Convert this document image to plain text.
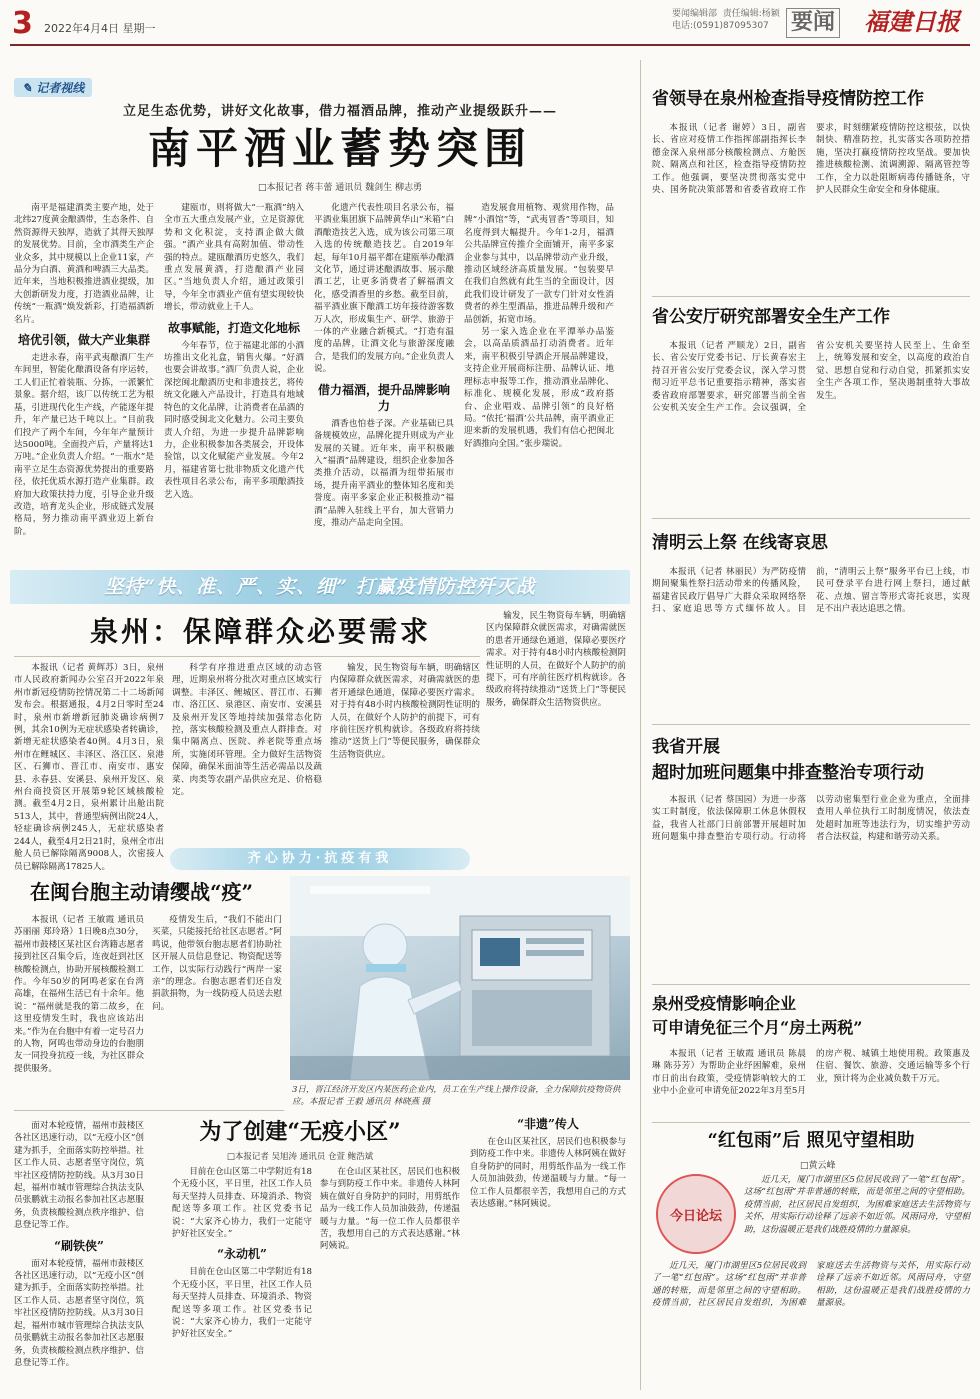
3 2022年4月4日 星期一
要闻编辑部 责任编辑:杨颖
电话:(0591)87095307	要闻 福建日报
✎ 记者视线
立足生态优势，讲好文化故事，借力福酒品牌，推动产业提级跃升——
南平酒业蓄势突围
□本报记者 蒋丰蕾 通讯员 魏剑生 柳志勇

南平是福建酒类主要产地，处于北纬27度黄金酿酒带，生态条件、自然资源得天独厚，造就了其得天独厚的发展优势。目前，全市酒类生产企业众多，其中规模以上企业11家，产品分为白酒、黄酒和啤酒三大品类。近年来，当地积极推进酒业提级，加大创新研发力度，打造酒业品牌，让传统“一瓶酒”焕发新彩，打造福酒新名片。

培优引领，做大产业集群

走进永春，南平武夷酿酒厂生产车间里，智能化酿酒设备有序运转，工人们正忙着装瓶、分拣，一派繁忙景象。据介绍，该厂以传统工艺为根基，引进现代化生产线，产能逐年提升，年产量已达千吨以上。“目前我们投产了两个车间，今年年产量预计达5000吨。全面投产后，产量将达1万吨。”企业负责人介绍。“一瓶水”是南平立足生态资源优势提出的重要路径，依托优质水源打造产业集群。政府加大政策扶持力度，引导企业升级改造，培育龙头企业，形成链式发展格局，努力推动南平酒业迈上新台阶。

建瓯市，则将做大“一瓶酒”纳入全市五大重点发展产业，立足资源优势和文化积淀，支持酒企做大做强。“酒产业具有高附加值、带动性强的特点。建瓯酿酒历史悠久，我们重点发展黄酒，打造酿酒产业园区。”当地负责人介绍，通过政策引导，今年全市酒业产值有望实现较快增长，带动就业上千人。

故事赋能，打造文化地标

今年春节，位于福建北部的小酒坊推出文化礼盒，销售火爆。“好酒也要会讲故事。”酒厂负责人说，企业深挖闽北酿酒历史和非遗技艺，将传统文化融入产品设计，打造具有地域特色的文化品牌，让消费者在品酒的同时感受闽北文化魅力。公司主要负责人介绍，为进一步提升品牌影响力，企业积极参加各类展会，开设体验馆，以文化赋能产业发展。今年2月，福建省第七批非物质文化遗产代表性项目名录公布，南平多项酿酒技艺入选。

化遗产代表性项目名录公布，福平酒业集团旗下品牌黄华山“米箱”白酒酿造技艺入选，成为该公司第三项入选的传统酿造技艺。自2019年起，每年10月福平都在建瓯举办酿酒文化节，通过讲述酿酒故事、展示酿酒工艺，让更多消费者了解福酒文化，感受酒香里的乡愁。截至目前，福平酒业旗下酿酒工坊年接待游客数万人次，形成集生产、研学、旅游于一体的产业融合新模式。“打造有温度的品牌，让酒文化与旅游深度融合，是我们的发展方向。”企业负责人说。

借力福酒，提升品牌影响力

酒香也怕巷子深。产业基础已具备规模效应，品牌化提升则成为产业发展的关键。近年来，南平积极融入“福酒”品牌建设，组织企业参加各类推介活动，以福酒为纽带拓展市场，提升南平酒业的整体知名度和美誉度。南平多家企业正积极推动“福酒”品牌入驻线上平台，加大营销力度，推动产品走向全国。

造发展食用植物、观赏用作物，品牌“小酒馆”等，“武夷冒香”等项目，知名度得到大幅提升。今年1-2月，福酒公共品牌宣传推介全面铺开，南平多家企业参与其中，以品牌带动产业升级，推动区域经济高质量发展。“包装要早在我们自然就有此生当的全面设计，因此我们设计研发了一款专门针对女性消费者的养生型酒品，推进品牌升级和产品创新，拓宽市场。

另一家入选企业在平潭举办品鉴会，以高品质酒品打动消费者。近年来，南平积极引导酒企开展品牌建设，支持企业开展商标注册、品牌认证、地理标志申报等工作，推动酒业品牌化、标准化、规模化发展，形成“政府搭台、企业唱戏、品牌引领”的良好格局。“依托‘福酒’公共品牌，南平酒业正迎来新的发展机遇，我们有信心把闽北好酒推向全国。”张步瑞说。

坚持“快、准、严、实、细” 打赢疫情防控歼灭战
泉州：保障群众必要需求

本报讯（记者 黄辉苏）3日，泉州市人民政府新闻办公室召开2022年泉州市新冠疫情防控情况第二十二场新闻发布会。根据通报，4月2日零时至24时，泉州市新增新冠肺炎确诊病例7例，其余10例为无症状感染者转确诊，新增无症状感染者40例。4月3日，泉州市在鲤城区、丰泽区、洛江区、泉港区、石狮市、晋江市、南安市、惠安县、永春县、安溪县、泉州开发区、泉州台商投资区开展第9轮区域核酸检测。截至4月2日，泉州累计出舱出院513人，其中，普通型病例出院24人，轻症确诊病例245人，无症状感染者244人，截至4月2日21时，泉州全市出舱人员已解除隔离9008人，次密接人员已解除隔离17825人。

科学有序推进重点区域的动态管理，近期泉州将分批次对重点区域实行调整。丰泽区、鲤城区、晋江市、石狮市、洛江区、泉港区、南安市、安溪县及泉州开发区等地持续加强常态化防控，落实核酸检测及重点人群排查。对集中隔离点、医院、养老院等重点场所，实施闭环管理。全力做好生活物资保障，确保米面油等生活必需品以及蔬菜、肉类等农副产品供应充足、价格稳定。

输发，民生物资每车辆，明确辖区内保障群众就医需求，对确需就医的患者开通绿色通道，保障必要医疗需求。对于持有48小时内核酸检测阴性证明的人员，在做好个人防护的前提下，可有序前往医疗机构就诊。各级政府将持续推动“送货上门”等便民服务，确保群众生活物资供应。

输发，民生物资每车辆，明确辖区内保障群众就医需求，对确需就医的患者开通绿色通道，保障必要医疗需求。对于持有48小时内核酸检测阴性证明的人员，在做好个人防护的前提下，可有序前往医疗机构就诊。各级政府将持续推动“送货上门”等便民服务，确保群众生活物资供应。

齐心协力·抗疫有我
在闽台胞主动请缨战“疫”

本报讯（记者 王敏霞 通讯员 苏丽丽 郑玲珞）1日晚8点30分，福州市鼓楼区某社区台湾籍志愿者接到社区召集令后，连夜赶到社区核酸检测点，协助开展核酸检测工作。今年50岁的阿鸣老家在台湾高雄，在福州生活已有十余年。他说：“福州就是我的第二故乡，在这里疫情发生时，我也应该站出来。”作为在台胞中有着一定号召力的人物，阿鸣也带动身边的台胞朋友一同投身抗疫一线，为社区群众提供服务。

疫情发生后，“我们不能出门买菜，只能接托给社区志愿者。”阿鸣说，他带领台胞志愿者们协助社区开展人员信息登记、物资配送等工作，以实际行动践行“两岸一家亲”的理念。台胞志愿者们还自发捐款捐物，为一线防疫人员送去慰问。

3日，晋江经济开发区内某医药企业内，员工在生产线上操作设备，全力保障抗疫物资供应。本报记者 王毅 通讯员 林晓燕 摄
为了创建“无疫小区”
□本报记者 吴旭涛 通讯员 仓萱 鲍浩斌

面对本轮疫情，福州市鼓楼区各社区迅速行动，以“无疫小区”创建为抓手，全面落实防控举措。社区工作人员、志愿者坚守岗位，筑牢社区疫情防控防线。从3月30日起，福州市城市管理综合执法支队员张鹏就主动报名参加社区志愿服务，负责核酸检测点秩序维护、信息登记等工作。

“刷铁侠”

面对本轮疫情，福州市鼓楼区各社区迅速行动，以“无疫小区”创建为抓手，全面落实防控举措。社区工作人员、志愿者坚守岗位，筑牢社区疫情防控防线。从3月30日起，福州市城市管理综合执法支队员张鹏就主动报名参加社区志愿服务，负责核酸检测点秩序维护、信息登记等工作。

目前在仓山区第二中学附近有18个无疫小区，平日里，社区工作人员每天坚持人员排查、环境消杀、物资配送等多项工作。社区党委书记说：“大家齐心协力，我们一定能守护好社区安全。”

“永动机”

目前在仓山区第二中学附近有18个无疫小区，平日里，社区工作人员每天坚持人员排查、环境消杀、物资配送等多项工作。社区党委书记说：“大家齐心协力，我们一定能守护好社区安全。”

在仓山区某社区，居民们也积极参与到防疫工作中来。非遗传人林阿姨在做好自身防护的同时，用剪纸作品为一线工作人员加油鼓劲，传递温暖与力量。“每一位工作人员都很辛苦，我想用自己的方式表达感谢。”林阿姨说。

“非遗”传人

在仓山区某社区，居民们也积极参与到防疫工作中来。非遗传人林阿姨在做好自身防护的同时，用剪纸作品为一线工作人员加油鼓劲，传递温暖与力量。“每一位工作人员都很辛苦，我想用自己的方式表达感谢。”林阿姨说。

省领导在泉州检查指导疫情防控工作

本报讯（记者 谢婷）3日，副省长、省应对疫情工作指挥部副指挥长李德金深入泉州部分核酸检测点、方舱医院、隔离点和社区，检查指导疫情防控工作。他强调，要坚决贯彻落实党中央、国务院决策部署和省委省政府工作要求，时刻绷紧疫情防控这根弦，以快制快、精准防控，扎实落实各项防控措施，坚决打赢疫情防控攻坚战。要加快推进核酸检测、流调溯源、隔离管控等工作，全力以赴阻断病毒传播链条，守护人民群众生命安全和身体健康。

省公安厅研究部署安全生产工作

本报讯（记者 严顺龙）2日，副省长、省公安厅党委书记、厅长黄春宏主持召开省公安厅党委会议，深入学习贯彻习近平总书记重要指示精神，落实省委省政府部署要求，研究部署当前全省公安机关安全生产工作。会议强调，全省公安机关要坚持人民至上、生命至上，统筹发展和安全，以高度的政治自觉、思想自觉和行动自觉，抓紧抓实安全生产各项工作，坚决遏制重特大事故发生。

清明云上祭 在线寄哀思

本报讯（记者 林丽民）为严防疫情期间聚集性祭扫活动带来的传播风险，福建省民政厅倡导广大群众采取网络祭扫、家庭追思等方式缅怀故人。目前，“清明云上祭”服务平台已上线，市民可登录平台进行网上祭扫，通过献花、点烛、留言等形式寄托哀思，实现足不出户表达追思之情。

我省开展
超时加班问题集中排查整治专项行动

本报讯（记者 蔡国园）为进一步落实工时制度，依法保障职工休息休假权益，我省人社部门日前部署开展超时加班问题集中排查整治专项行动。行动将以劳动密集型行业企业为重点，全面排查用人单位执行工时制度情况，依法查处超时加班等违法行为，切实维护劳动者合法权益，构建和谐劳动关系。

泉州受疫情影响企业
可申请免征三个月“房土两税”

本报讯（记者 王敏霞 通讯员 陈晨琳 陈芬芳）为帮助企业纾困解难，泉州市日前出台政策，受疫情影响较大的工业中小企业可申请免征2022年3月至5月的房产税、城镇土地使用税。政策惠及住宿、餐饮、旅游、交通运输等多个行业，预计将为企业减负数千万元。

“红包雨”后 照见守望相助
□黄云峰
今日论坛

近几天，厦门市湖里区5位居民收到了一笔“红包雨”。这场“红包雨”并非普通的转账，而是邻里之间的守望相助。疫情当前，社区居民自发组织，为困难家庭送去生活物资与关怀，用实际行动诠释了远亲不如近邻。风雨同舟，守望相助，这份温暖正是我们战胜疫情的力量源泉。

近几天，厦门市湖里区5位居民收到了一笔“红包雨”。这场“红包雨”并非普通的转账，而是邻里之间的守望相助。疫情当前，社区居民自发组织，为困难家庭送去生活物资与关怀，用实际行动诠释了远亲不如近邻。风雨同舟，守望相助，这份温暖正是我们战胜疫情的力量源泉。
